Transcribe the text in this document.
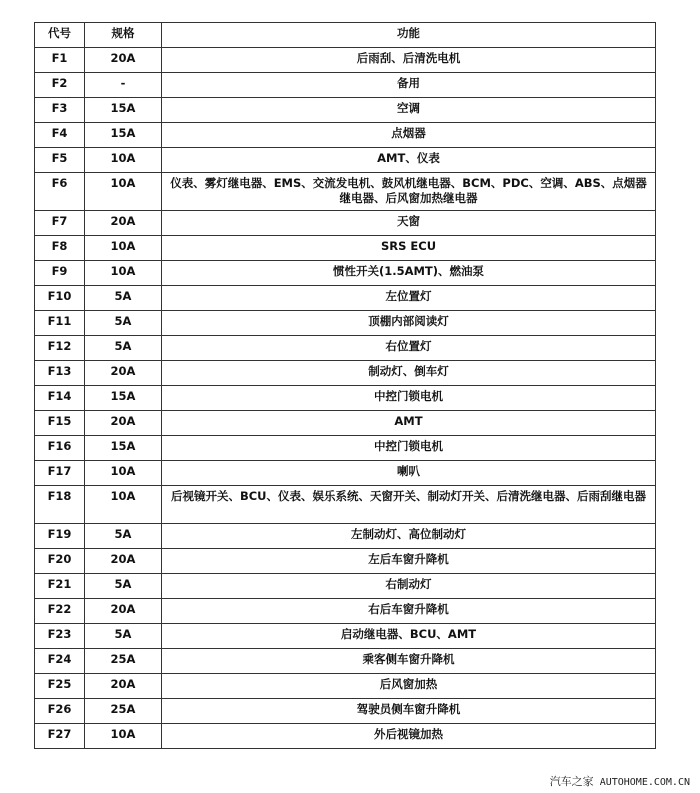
代号	规格	功能
F1	20A	后雨刮、后清洗电机
F2	-	备用
F3	15A	空调
F4	15A	点烟器
F5	10A	AMT、仪表
F6	10A	仪表、雾灯继电器、EMS、交流发电机、鼓风机继电器、BCM、PDC、空调、ABS、点烟器继电器、后风窗加热继电器
F7	20A	天窗
F8	10A	SRS ECU
F9	10A	惯性开关(1.5AMT)、燃油泵
F10	5A	左位置灯
F11	5A	顶棚内部阅读灯
F12	5A	右位置灯
F13	20A	制动灯、倒车灯
F14	15A	中控门锁电机
F15	20A	AMT
F16	15A	中控门锁电机
F17	10A	喇叭
F18	10A	后视镜开关、BCU、仪表、娱乐系统、天窗开关、制动灯开关、后清洗继电器、后雨刮继电器
F19	5A	左制动灯、高位制动灯
F20	20A	左后车窗升降机
F21	5A	右制动灯
F22	20A	右后车窗升降机
F23	5A	启动继电器、BCU、AMT
F24	25A	乘客侧车窗升降机
F25	20A	后风窗加热
F26	25A	驾驶员侧车窗升降机
F27	10A	外后视镜加热
汽车之家 AUTOHOME.COM.CN
